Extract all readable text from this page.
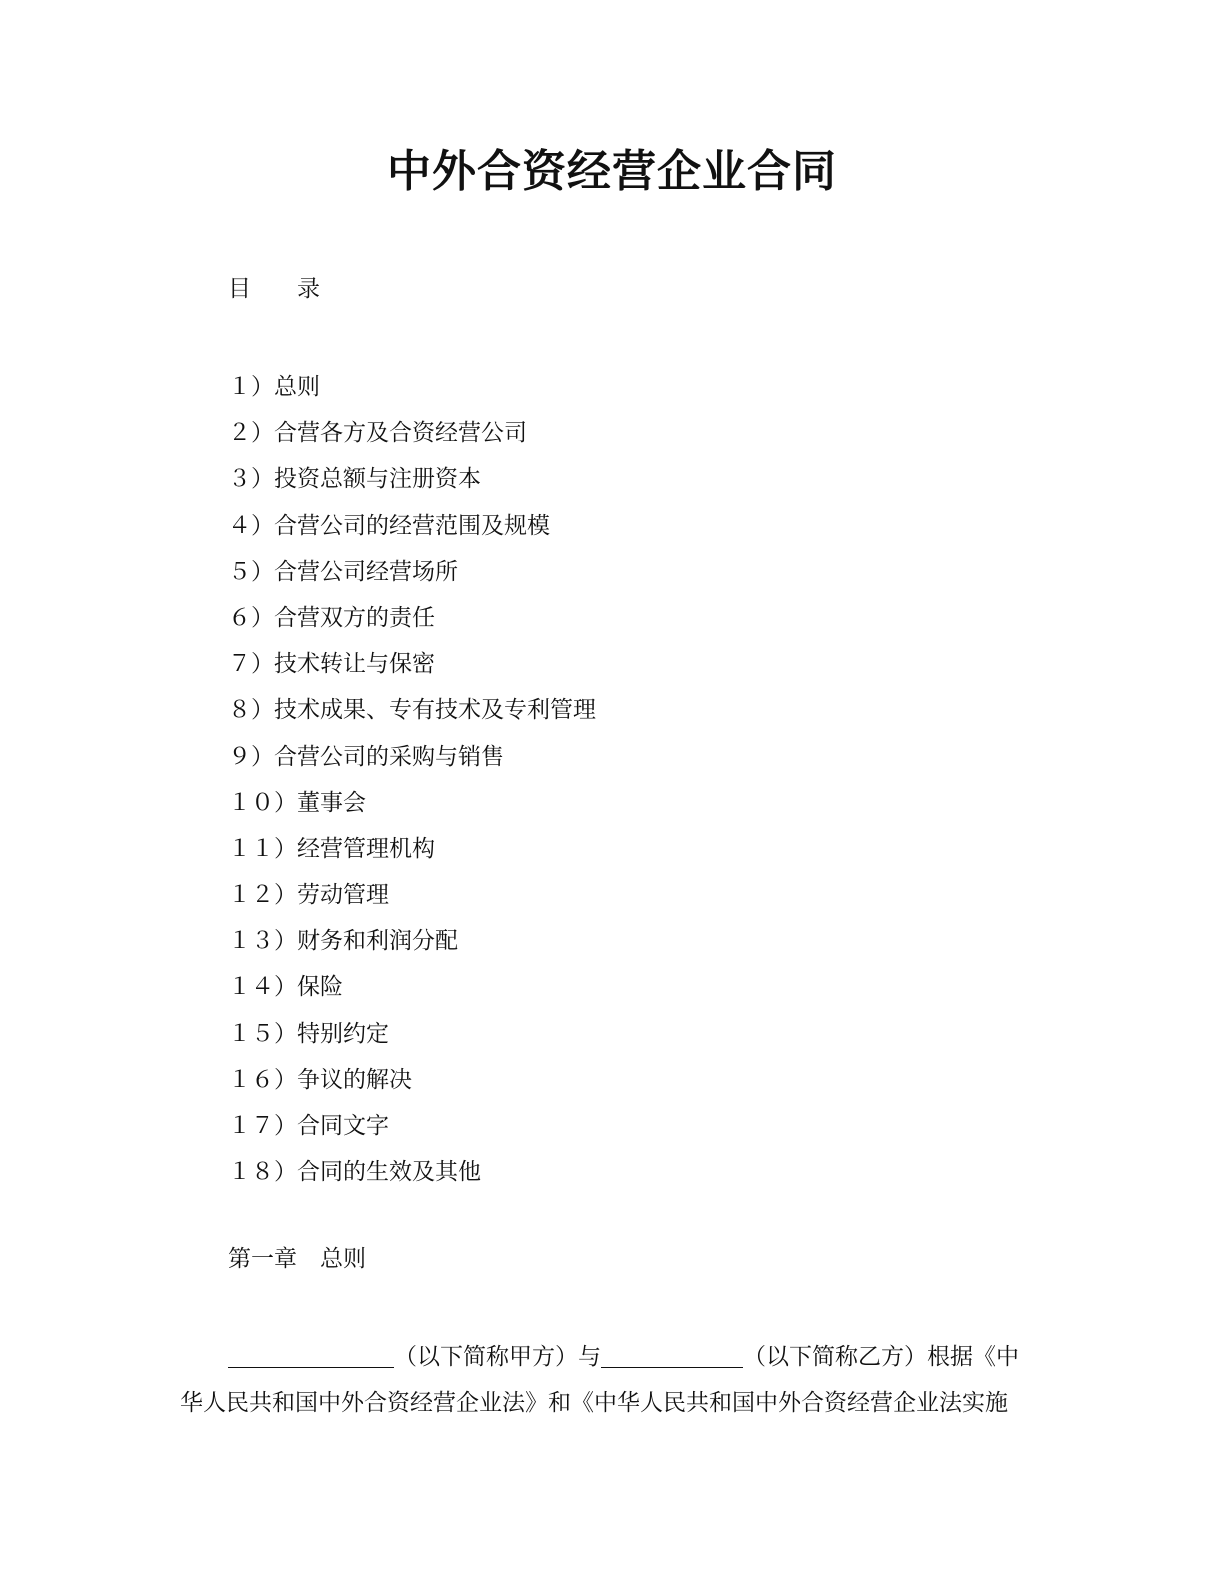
中外合资经营企业合同
目　　录
１）总则
２）合营各方及合资经营公司
３）投资总额与注册资本
４）合营公司的经营范围及规模
５）合营公司经营场所
６）合营双方的责任
７）技术转让与保密
８）技术成果、专有技术及专利管理
９）合营公司的采购与销售
１０）董事会
１１）经营管理机构
１２）劳动管理
１３）财务和利润分配
１４）保险
１５）特别约定
１６）争议的解决
１７）合同文字
１８）合同的生效及其他
第一章　总则
（以下简称甲方）与	（以下简称乙方）根据《中
华人民共和国中外合资经营企业法》和《中华人民共和国中外合资经营企业法实施
